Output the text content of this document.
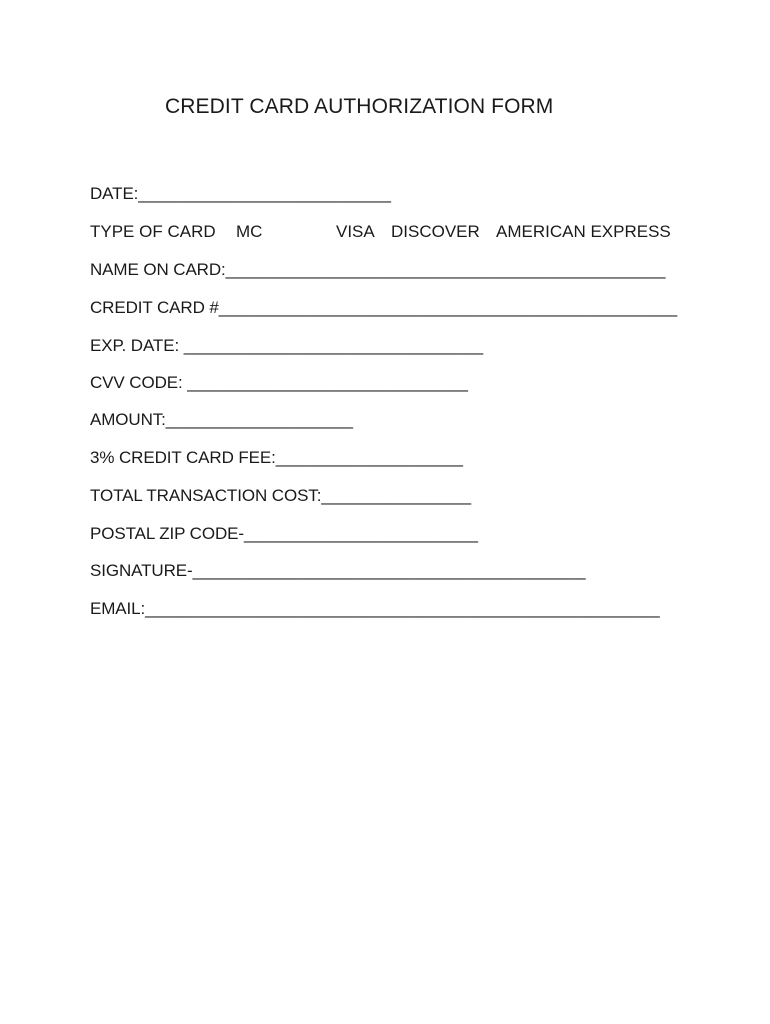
CREDIT CARD AUTHORIZATION FORM
DATE:___________________________
TYPE OF CARD MC	VISA DISCOVER AMERICAN EXPRESS
NAME ON CARD:_______________________________________________
CREDIT CARD #_________________________________________________
EXP. DATE: ________________________________
CVV CODE: ______________________________
AMOUNT:____________________
3% CREDIT CARD FEE:____________________
TOTAL TRANSACTION COST:________________
POSTAL ZIP CODE-_________________________
SIGNATURE-__________________________________________
EMAIL:_______________________________________________________
